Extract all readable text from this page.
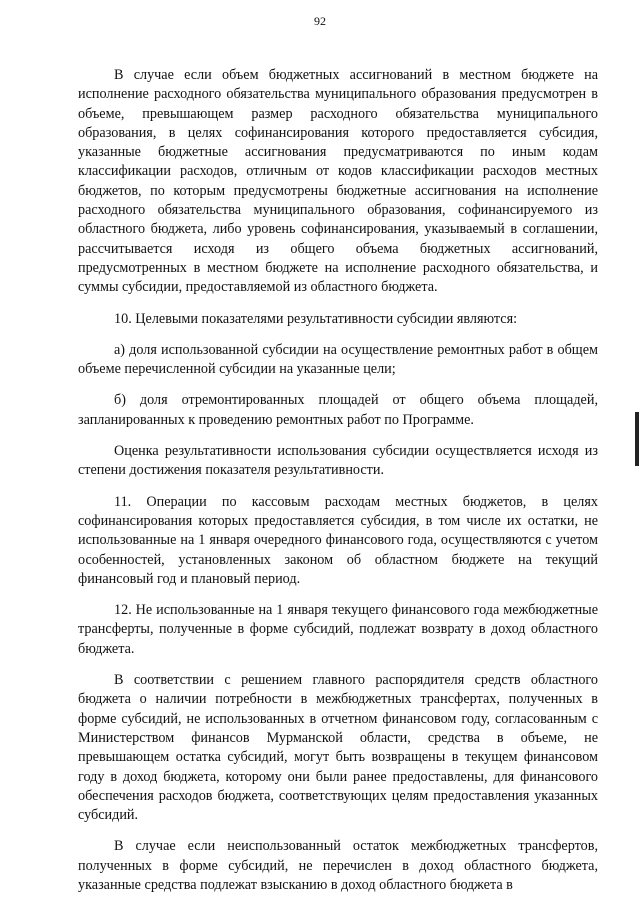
92

В случае если объем бюджетных ассигнований в местном бюджете на исполнение расходного обязательства муниципального образования предусмотрен в объеме, превышающем размер расходного обязательства муниципального образования, в целях софинансирования которого предоставляется субсидия, указанные бюджетные ассигнования предусматриваются по иным кодам классификации расходов, отличным от кодов классификации расходов местных бюджетов, по которым предусмотрены бюджетные ассигнования на исполнение расходного обязательства муниципального образования, софинансируемого из областного бюджета, либо уровень софинансирования, указываемый в соглашении, рассчитывается исходя из общего объема бюджетных ассигнований, предусмотренных в местном бюджете на исполнение расходного обязательства, и суммы субсидии, предоставляемой из областного бюджета.

10. Целевыми показателями результативности субсидии являются:

а) доля использованной субсидии на осуществление ремонтных работ в общем объеме перечисленной субсидии на указанные цели;

б) доля отремонтированных площадей от общего объема площадей, запланированных к проведению ремонтных работ по Программе.

Оценка результативности использования субсидии осуществляется исходя из степени достижения показателя результативности.

11. Операции по кассовым расходам местных бюджетов, в целях софинансирования которых предоставляется субсидия, в том числе их остатки, не использованные на 1 января очередного финансового года, осуществляются с учетом особенностей, установленных законом об областном бюджете на текущий финансовый год и плановый период.

12. Не использованные на 1 января текущего финансового года межбюджетные трансферты, полученные в форме субсидий, подлежат возврату в доход областного бюджета.

В соответствии с решением главного распорядителя средств областного бюджета о наличии потребности в межбюджетных трансфертах, полученных в форме субсидий, не использованных в отчетном финансовом году, согласованным с Министерством финансов Мурманской области, средства в объеме, не превышающем остатка субсидий, могут быть возвращены в текущем финансовом году в доход бюджета, которому они были ранее предоставлены, для финансового обеспечения расходов бюджета, соответствующих целям предоставления указанных субсидий.

В случае если неиспользованный остаток межбюджетных трансфертов, полученных в форме субсидий, не перечислен в доход областного бюджета, указанные средства подлежат взысканию в доход областного бюджета в
